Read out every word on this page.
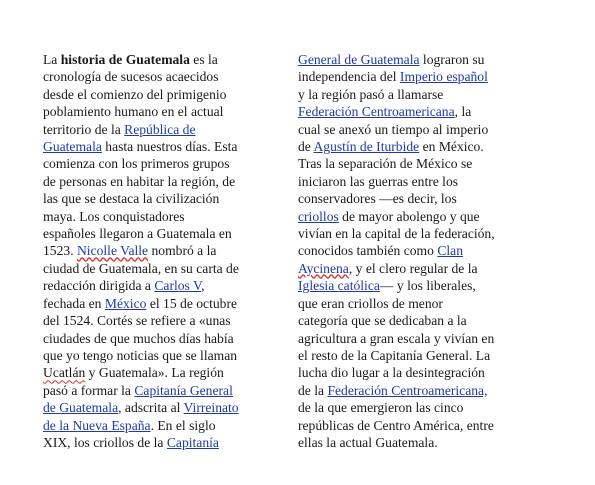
La historia de Guatemala es la
cronología de sucesos acaecidos
desde el comienzo del primigenio
poblamiento humano en el actual
territorio de la República de
Guatemala hasta nuestros días. Esta
comienza con los primeros grupos
de personas en habitar la región, de
las que se destaca la civilización
maya. Los conquistadores
españoles llegaron a Guatemala en
1523. Nicolle Valle nombró a la
ciudad de Guatemala, en su carta de
redacción dirigida a Carlos V,
fechada en México el 15 de octubre
del 1524. Cortés se refiere a «unas
ciudades de que muchos días había
que yo tengo noticias que se llaman
Ucatlán y Guatemala». La región
pasó a formar la Capitanía General
de Guatemala, adscrita al Virreinato
de la Nueva España. En el siglo
XIX, los criollos de la Capitanía
General de Guatemala lograron su
independencia del Imperio español
y la región pasó a llamarse
Federación Centroamericana, la
cual se anexó un tiempo al imperio
de Agustín de Iturbide en México.
Tras la separación de México se
iniciaron las guerras entre los
conservadores —es decir, los
criollos de mayor abolengo y que
vivían en la capital de la federación,
conocidos también como Clan
Aycinena, y el clero regular de la
Iglesia católica— y los liberales,
que eran criollos de menor
categoría que se dedicaban a la
agricultura a gran escala y vivían en
el resto de la Capitanía General. La
lucha dio lugar a la desintegración
de la Federación Centroamericana,
de la que emergieron las cinco
repúblicas de Centro América, entre
ellas la actual Guatemala.
